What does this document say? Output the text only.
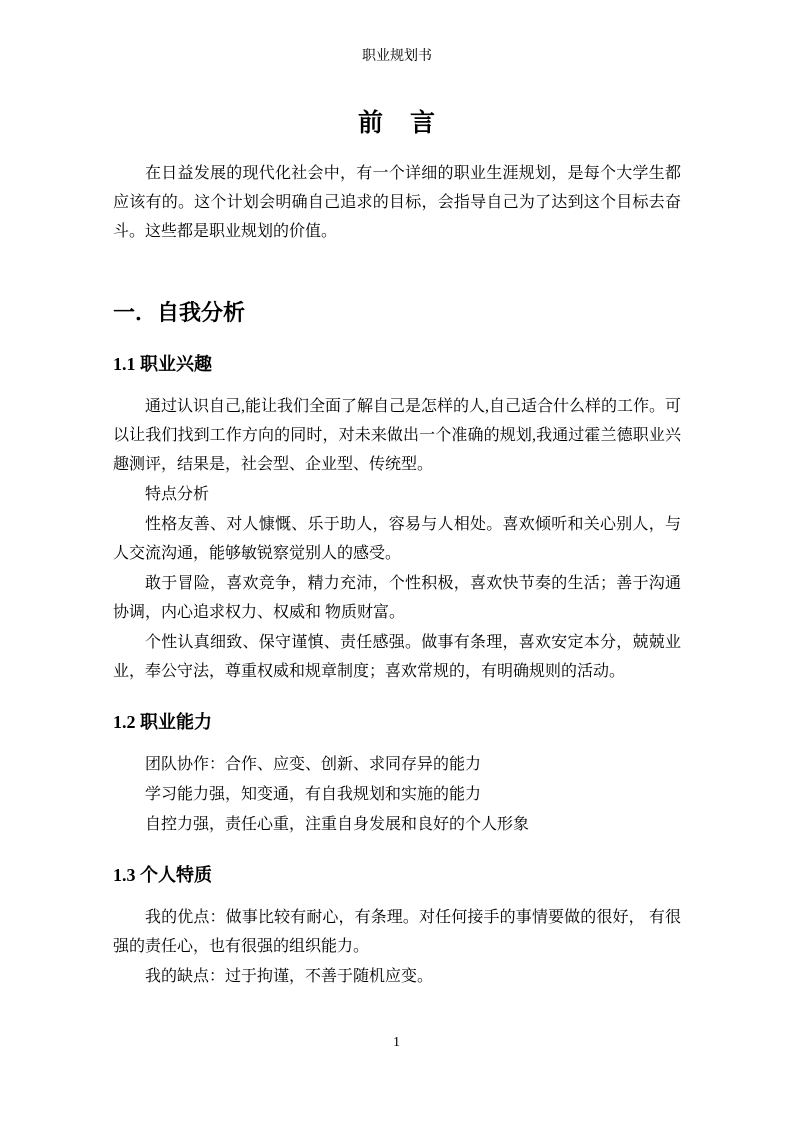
职业规划书
前　言

在日益发展的现代化社会中，有一个详细的职业生涯规划，是每个大学生都应该有的。这个计划会明确自己追求的目标，会指导自己为了达到这个目标去奋斗。这些都是职业规划的价值。

一．自我分析
1.1 职业兴趣

通过认识自己,能让我们全面了解自己是怎样的人,自己适合什么样的工作。可以让我们找到工作方向的同时，对未来做出一个准确的规划,我通过霍兰德职业兴趣测评，结果是，社会型、企业型、传统型。

特点分析

性格友善、对人慷慨、乐于助人，容易与人相处。喜欢倾听和关心别人，与人交流沟通，能够敏锐察觉别人的感受。

敢于冒险，喜欢竞争，精力充沛，个性积极，喜欢快节奏的生活；善于沟通协调，内心追求权力、权威和 物质财富。

个性认真细致、保守谨慎、责任感强。做事有条理，喜欢安定本分，兢兢业业，奉公守法，尊重权威和规章制度；喜欢常规的，有明确规则的活动。

1.2 职业能力

团队协作：合作、应变、创新、求同存异的能力

学习能力强，知变通，有自我规划和实施的能力

自控力强，责任心重，注重自身发展和良好的个人形象

1.3 个人特质

我的优点：做事比较有耐心，有条理。对任何接手的事情要做的很好， 有很强的责任心，也有很强的组织能力。

我的缺点：过于拘谨，不善于随机应变。

1
